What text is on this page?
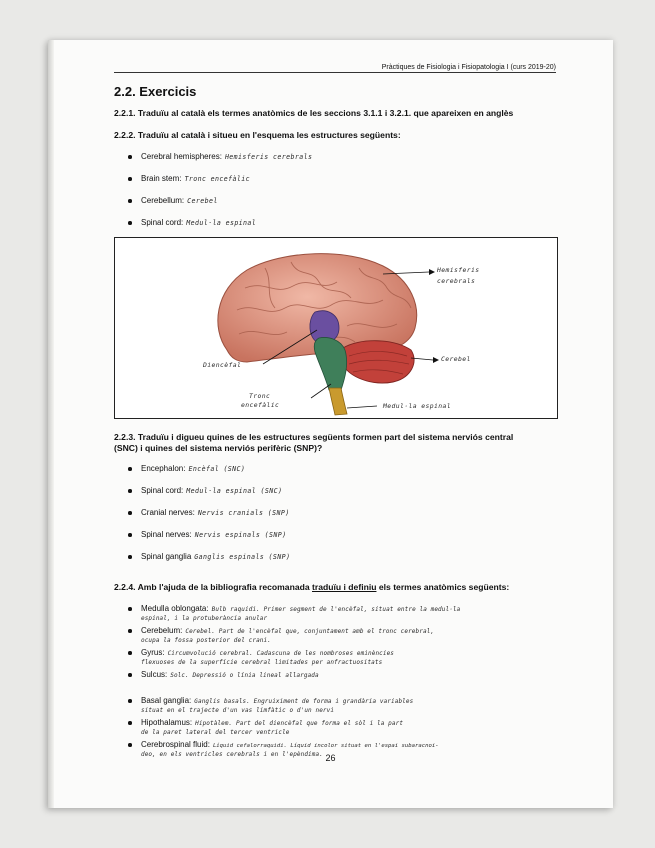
Pràctiques de Fisiologia i Fisiopatologia I (curs 2019-20)
2.2. Exercicis
2.2.1. Traduïu al català els termes anatòmics de les seccions 3.1.1 i 3.2.1. que apareixen en anglès
2.2.2. Traduïu al català i situeu en l'esquema les estructures següents:
Cerebral hemispheres: Hemisferis cerebrals
Brain stem: Tronc encefàlic
Cerebellum: Cerebel
Spinal cord: Medul·la espinal
Hemisferis
cerebrals
Cerebel
Diencèfal
Tronc
encefàlic	Medul·la espinal
2.2.3. Traduïu i digueu quines de les estructures següents formen part del sistema nerviós central
(SNC) i quines del sistema nerviós perifèric (SNP)?
Encephalon: Encèfal (SNC)
Spinal cord: Medul·la espinal (SNC)
Cranial nerves: Nervis cranials (SNP)
Spinal nerves: Nervis espinals (SNP)
Spinal ganglia Ganglis espinals (SNP)
2.2.4. Amb l'ajuda de la bibliografia recomanada traduïu i definiu els termes anatòmics següents:
Medulla oblongata: Bulb raquidi. Primer segment de l'encèfal, situat entre la medul·la
espinal, i la protuberància anular
Cerebelum: Cerebel. Part de l'encèfal que, conjuntament amb el tronc cerebral,
ocupa la fossa posterior del crani.
Gyrus: Circumvolució cerebral. Cadascuna de les nombroses eminències
flexuoses de la superfície cerebral limitades per anfractuositats
Sulcus: Solc. Depressió o línia lineal allargada
Basal ganglia: Ganglis basals. Engruiximent de forma i grandària variables
situat en el trajecte d'un vas limfàtic o d'un nervi
Hipothalamus: Hipotàlem. Part del diencèfal que forma el sòl i la part
de la paret lateral del tercer ventricle
Cerebrospinal fluid: Líquid cefalorraquidi. Líquid incolor situat en l'espai subaracnoi-
deo, en els ventricles cerebrals i en l'epèndima. 26
